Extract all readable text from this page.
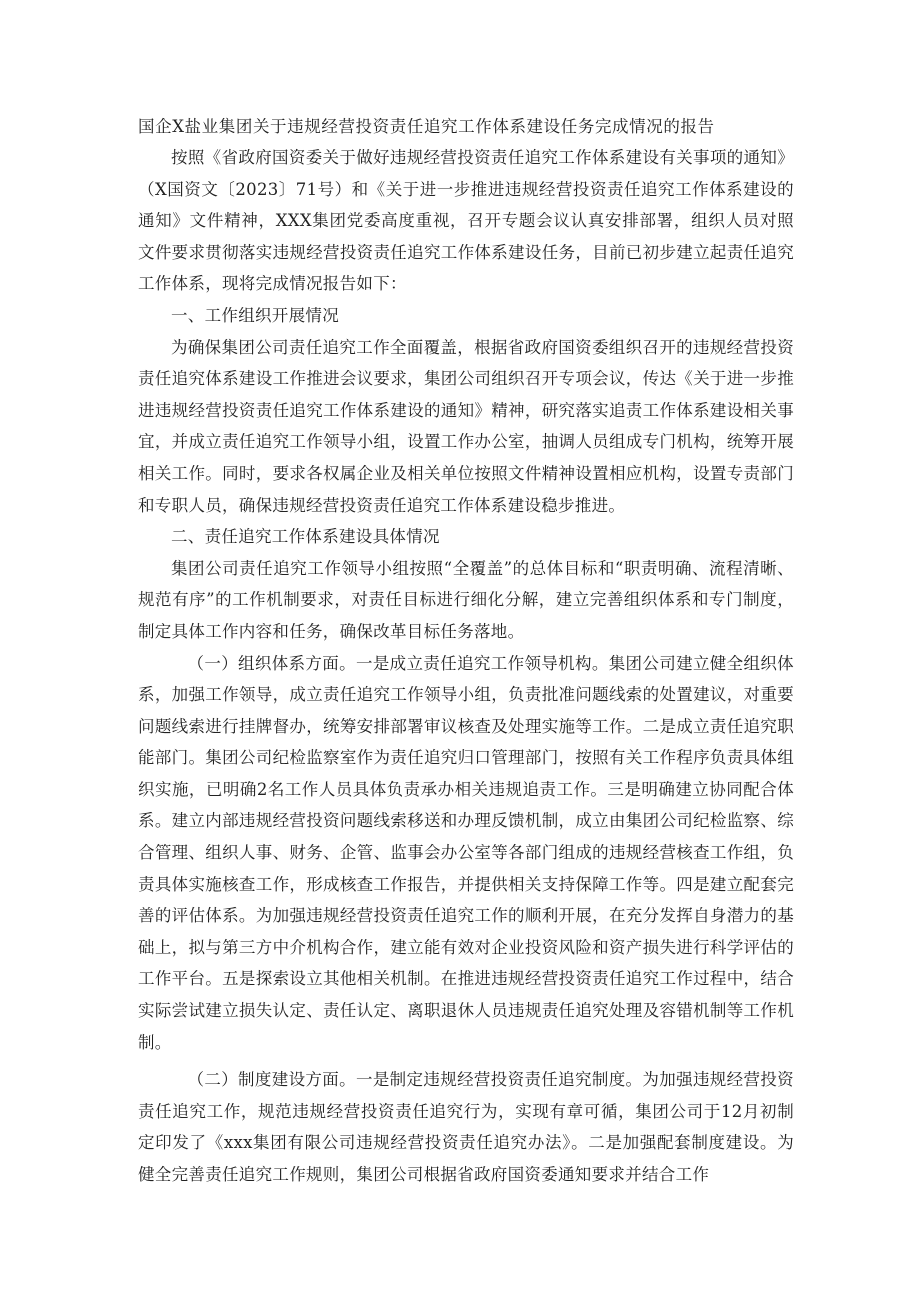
国企X盐业集团关于违规经营投资责任追究工作体系建设任务完成情况的报告

按照《省政府国资委关于做好违规经营投资责任追究工作体系建设有关事项的通知》（X国资文〔2023〕71号）和《关于进一步推进违规经营投资责任追究工作体系建设的通知》文件精神，XXX集团党委高度重视，召开专题会议认真安排部署，组织人员对照文件要求贯彻落实违规经营投资责任追究工作体系建设任务，目前已初步建立起责任追究工作体系，现将完成情况报告如下：

一、工作组织开展情况

为确保集团公司责任追究工作全面覆盖，根据省政府国资委组织召开的违规经营投资责任追究体系建设工作推进会议要求，集团公司组织召开专项会议，传达《关于进一步推进违规经营投资责任追究工作体系建设的通知》精神，研究落实追责工作体系建设相关事宜，并成立责任追究工作领导小组，设置工作办公室，抽调人员组成专门机构，统筹开展相关工作。同时，要求各权属企业及相关单位按照文件精神设置相应机构，设置专责部门和专职人员，确保违规经营投资责任追究工作体系建设稳步推进。

二、责任追究工作体系建设具体情况

集团公司责任追究工作领导小组按照“全覆盖”的总体目标和“职责明确、流程清晰、规范有序”的工作机制要求，对责任目标进行细化分解，建立完善组织体系和专门制度，制定具体工作内容和任务，确保改革目标任务落地。

（一）组织体系方面。一是成立责任追究工作领导机构。集团公司建立健全组织体系，加强工作领导，成立责任追究工作领导小组，负责批准问题线索的处置建议，对重要问题线索进行挂牌督办，统筹安排部署审议核查及处理实施等工作。二是成立责任追究职能部门。集团公司纪检监察室作为责任追究归口管理部门，按照有关工作程序负责具体组织实施，已明确2名工作人员具体负责承办相关违规追责工作。三是明确建立协同配合体系。建立内部违规经营投资问题线索移送和办理反馈机制，成立由集团公司纪检监察、综合管理、组织人事、财务、企管、监事会办公室等各部门组成的违规经营核查工作组，负责具体实施核查工作，形成核查工作报告，并提供相关支持保障工作等。四是建立配套完善的评估体系。为加强违规经营投资责任追究工作的顺利开展，在充分发挥自身潜力的基础上，拟与第三方中介机构合作，建立能有效对企业投资风险和资产损失进行科学评估的工作平台。五是探索设立其他相关机制。在推进违规经营投资责任追究工作过程中，结合实际尝试建立损失认定、责任认定、离职退休人员违规责任追究处理及容错机制等工作机制。

（二）制度建设方面。一是制定违规经营投资责任追究制度。为加强违规经营投资责任追究工作，规范违规经营投资责任追究行为，实现有章可循，集团公司于12月初制定印发了《xxx集团有限公司违规经营投资责任追究办法》。二是加强配套制度建设。为健全完善责任追究工作规则，集团公司根据省政府国资委通知要求并结合工作
